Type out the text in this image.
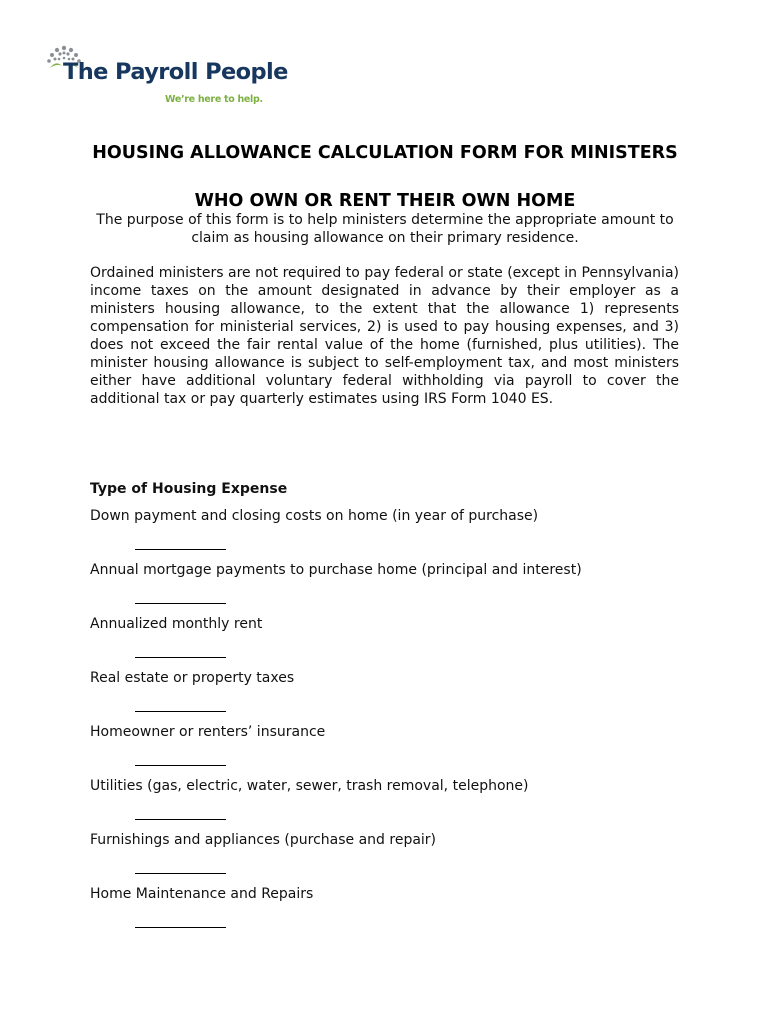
The Payroll People
We’re here to help.
HOUSING ALLOWANCE CALCULATION FORM FOR MINISTERS
WHO OWN OR RENT THEIR OWN HOME

The purpose of this form is to help ministers determine the appropriate amount to claim as housing allowance on their primary residence.

Ordained ministers are not required to pay federal or state (except in Pennsylvania) income taxes on the amount designated in advance by their employer as a ministers housing allowance, to the extent that the allowance 1) represents compensation for ministerial services, 2) is used to pay housing expenses, and 3) does not exceed the fair rental value of the home (furnished, plus utilities). The minister housing allowance is subject to self-employment tax, and most ministers either have additional voluntary federal withholding via payroll to cover the additional tax or pay quarterly estimates using IRS Form 1040 ES.

Type of Housing Expense
Down payment and closing costs on home (in year of purchase)
Annual mortgage payments to purchase home (principal and interest)
Annualized monthly rent
Real estate or property taxes
Homeowner or renters’ insurance
Utilities (gas, electric, water, sewer, trash removal, telephone)
Furnishings and appliances (purchase and repair)
Home Maintenance and Repairs
